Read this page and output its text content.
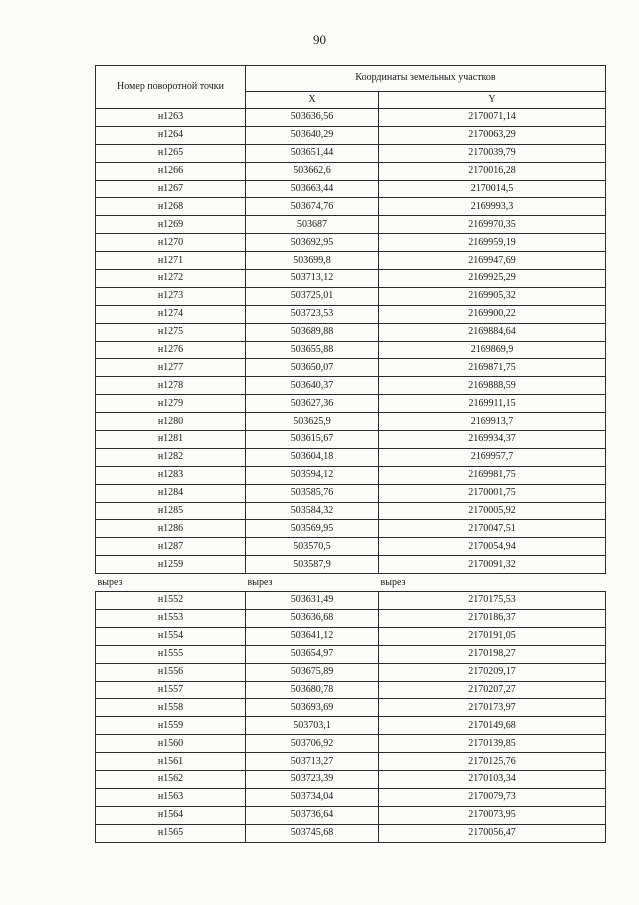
90
Номер поворотной точки	Координаты земельных участков	
	X	Y
н1263	503636,56	2170071,14
н1264	503640,29	2170063,29
н1265	503651,44	2170039,79
н1266	503662,6	2170016,28
н1267	503663,44	2170014,5
н1268	503674,76	2169993,3
н1269	503687	2169970,35
н1270	503692,95	2169959,19
н1271	503699,8	2169947,69
н1272	503713,12	2169925,29
н1273	503725,01	2169905,32
н1274	503723,53	2169900,22
н1275	503689,88	2169884,64
н1276	503655,88	2169869,9
н1277	503650,07	2169871,75
н1278	503640,37	2169888,59
н1279	503627,36	2169911,15
н1280	503625,9	2169913,7
н1281	503615,67	2169934,37
н1282	503604,18	2169957,7
н1283	503594,12	2169981,75
н1284	503585,76	2170001,75
н1285	503584,32	2170005,92
н1286	503569,95	2170047,51
н1287	503570,5	2170054,94
н1259	503587,9	2170091,32
вырез	вырез	вырез
н1552	503631,49	2170175,53
н1553	503636,68	2170186,37
н1554	503641,12	2170191,05
н1555	503654,97	2170198,27
н1556	503675,89	2170209,17
н1557	503680,78	2170207,27
н1558	503693,69	2170173,97
н1559	503703,1	2170149,68
н1560	503706,92	2170139,85
н1561	503713,27	2170125,76
н1562	503723,39	2170103,34
н1563	503734,04	2170079,73
н1564	503736,64	2170073,95
н1565	503745,68	2170056,47
